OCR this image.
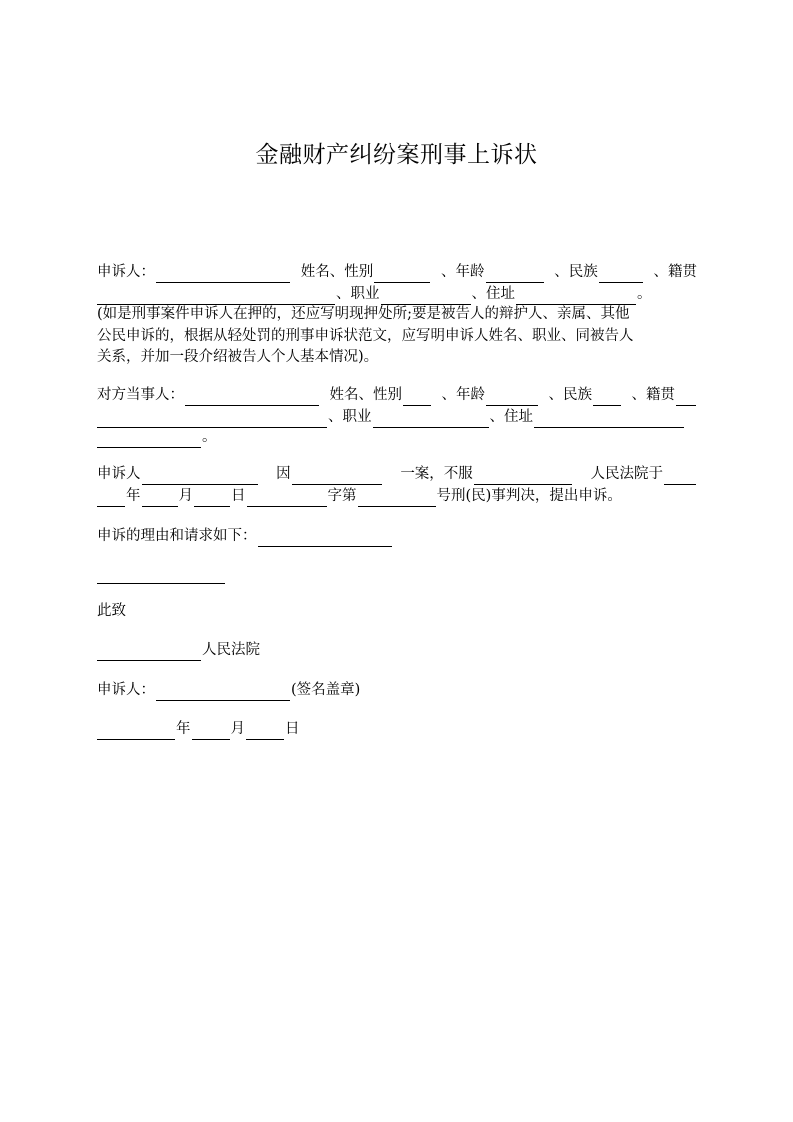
金融财产纠纷案刑事上诉状
申诉人：	姓名、性别	、年龄	、民族	、籍贯
、职业	、住址	。
(如是刑事案件申诉人在押的，还应写明现押处所;要是被告人的辩护人、亲属、其他
公民申诉的，根据从轻处罚的刑事申诉状范文，应写明申诉人姓名、职业、同被告人
关系，并加一段介绍被告人个人基本情况)。
对方当事人：	姓名、性别	、年龄	、民族	、籍贯
、职业	、住址
。
申诉人	因	一案，不服	人民法院于
年	月	日	字第	号刑(民)事判决，提出申诉。
申诉的理由和请求如下：
此致
人民法院
申诉人：	(签名盖章)
年	月	日
